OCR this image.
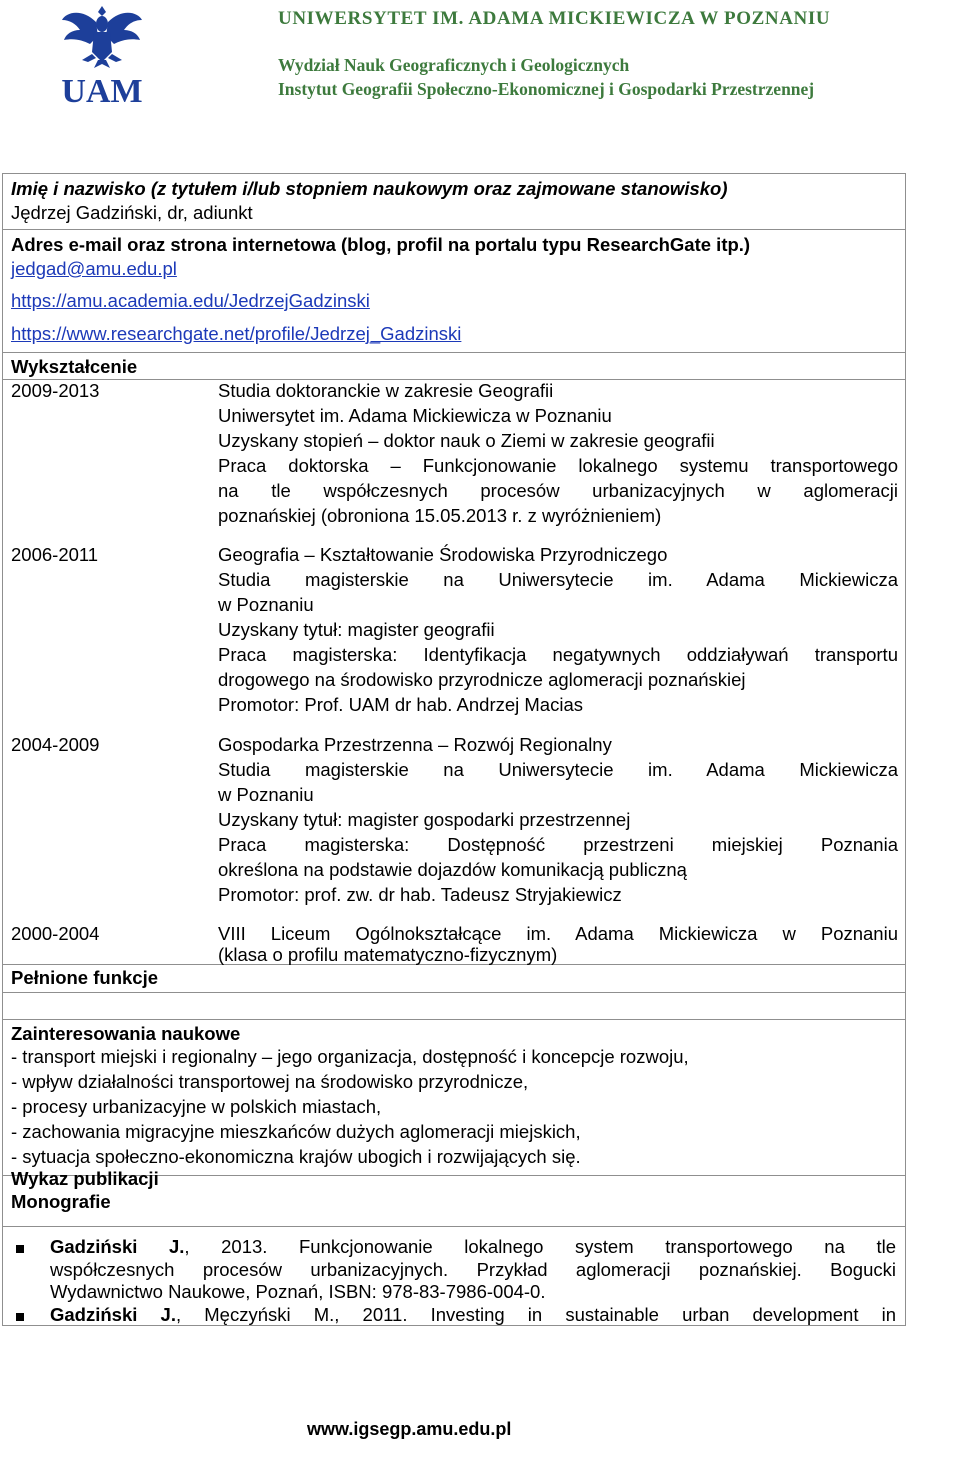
UAM
UNIWERSYTET IM. ADAMA MICKIEWICZA W POZNANIU
Wydział Nauk Geograficznych i Geologicznych
Instytut Geografii Społeczno-Ekonomicznej i Gospodarki Przestrzennej
Imię i nazwisko (z tytułem i/lub stopniem naukowym oraz zajmowane stanowisko)
Jędrzej Gadziński, dr, adiunkt
Adres e-mail oraz strona internetowa (blog, profil na portalu typu ResearchGate itp.)
jedgad@amu.edu.pl
https://amu.academia.edu/JedrzejGadzinski
https://www.researchgate.net/profile/Jedrzej_Gadzinski
Wykształcenie
2009-2013	Studia doktoranckie w zakresie Geografii
Uniwersytet im. Adama Mickiewicza w Poznaniu
Uzyskany stopień – doktor nauk o Ziemi w zakresie geografii
Praca doktorska – Funkcjonowanie lokalnego systemu transportowego
na tle współczesnych procesów urbanizacyjnych w aglomeracji
poznańskiej (obroniona 15.05.2013 r. z wyróżnieniem)
2006-2011	Geografia – Kształtowanie Środowiska Przyrodniczego
Studia magisterskie na Uniwersytecie im. Adama Mickiewicza
w Poznaniu
Uzyskany tytuł: magister geografii
Praca magisterska: Identyfikacja negatywnych oddziaływań transportu
drogowego na środowisko przyrodnicze aglomeracji poznańskiej
Promotor: Prof. UAM dr hab. Andrzej Macias
2004-2009	Gospodarka Przestrzenna – Rozwój Regionalny
Studia magisterskie na Uniwersytecie im. Adama Mickiewicza
w Poznaniu
Uzyskany tytuł: magister gospodarki przestrzennej
Praca magisterska: Dostępność przestrzeni miejskiej Poznania
określona na podstawie dojazdów komunikacją publiczną
Promotor: prof. zw. dr hab. Tadeusz Stryjakiewicz
2000-2004	VIII Liceum Ogólnokształcące im. Adama Mickiewicza w Poznaniu
(klasa o profilu matematyczno-fizycznym)
Pełnione funkcje
Zainteresowania naukowe
- transport miejski i regionalny – jego organizacja, dostępność i koncepcje rozwoju,
- wpływ działalności transportowej na środowisko przyrodnicze,
- procesy urbanizacyjne w polskich miastach,
- zachowania migracyjne mieszkańców dużych aglomeracji miejskich,
- sytuacja społeczno-ekonomiczna krajów ubogich i rozwijających się.
Wykaz publikacji
Monografie
Gadziński J., 2013. Funkcjonowanie lokalnego system transportowego na tle
współczesnych procesów urbanizacyjnych. Przykład aglomeracji poznańskiej. Bogucki
Wydawnictwo Naukowe, Poznań, ISBN: 978-83-7986-004-0.
Gadziński J., Męczyński M., 2011. Investing in sustainable urban development in
www.igsegp.amu.edu.pl
